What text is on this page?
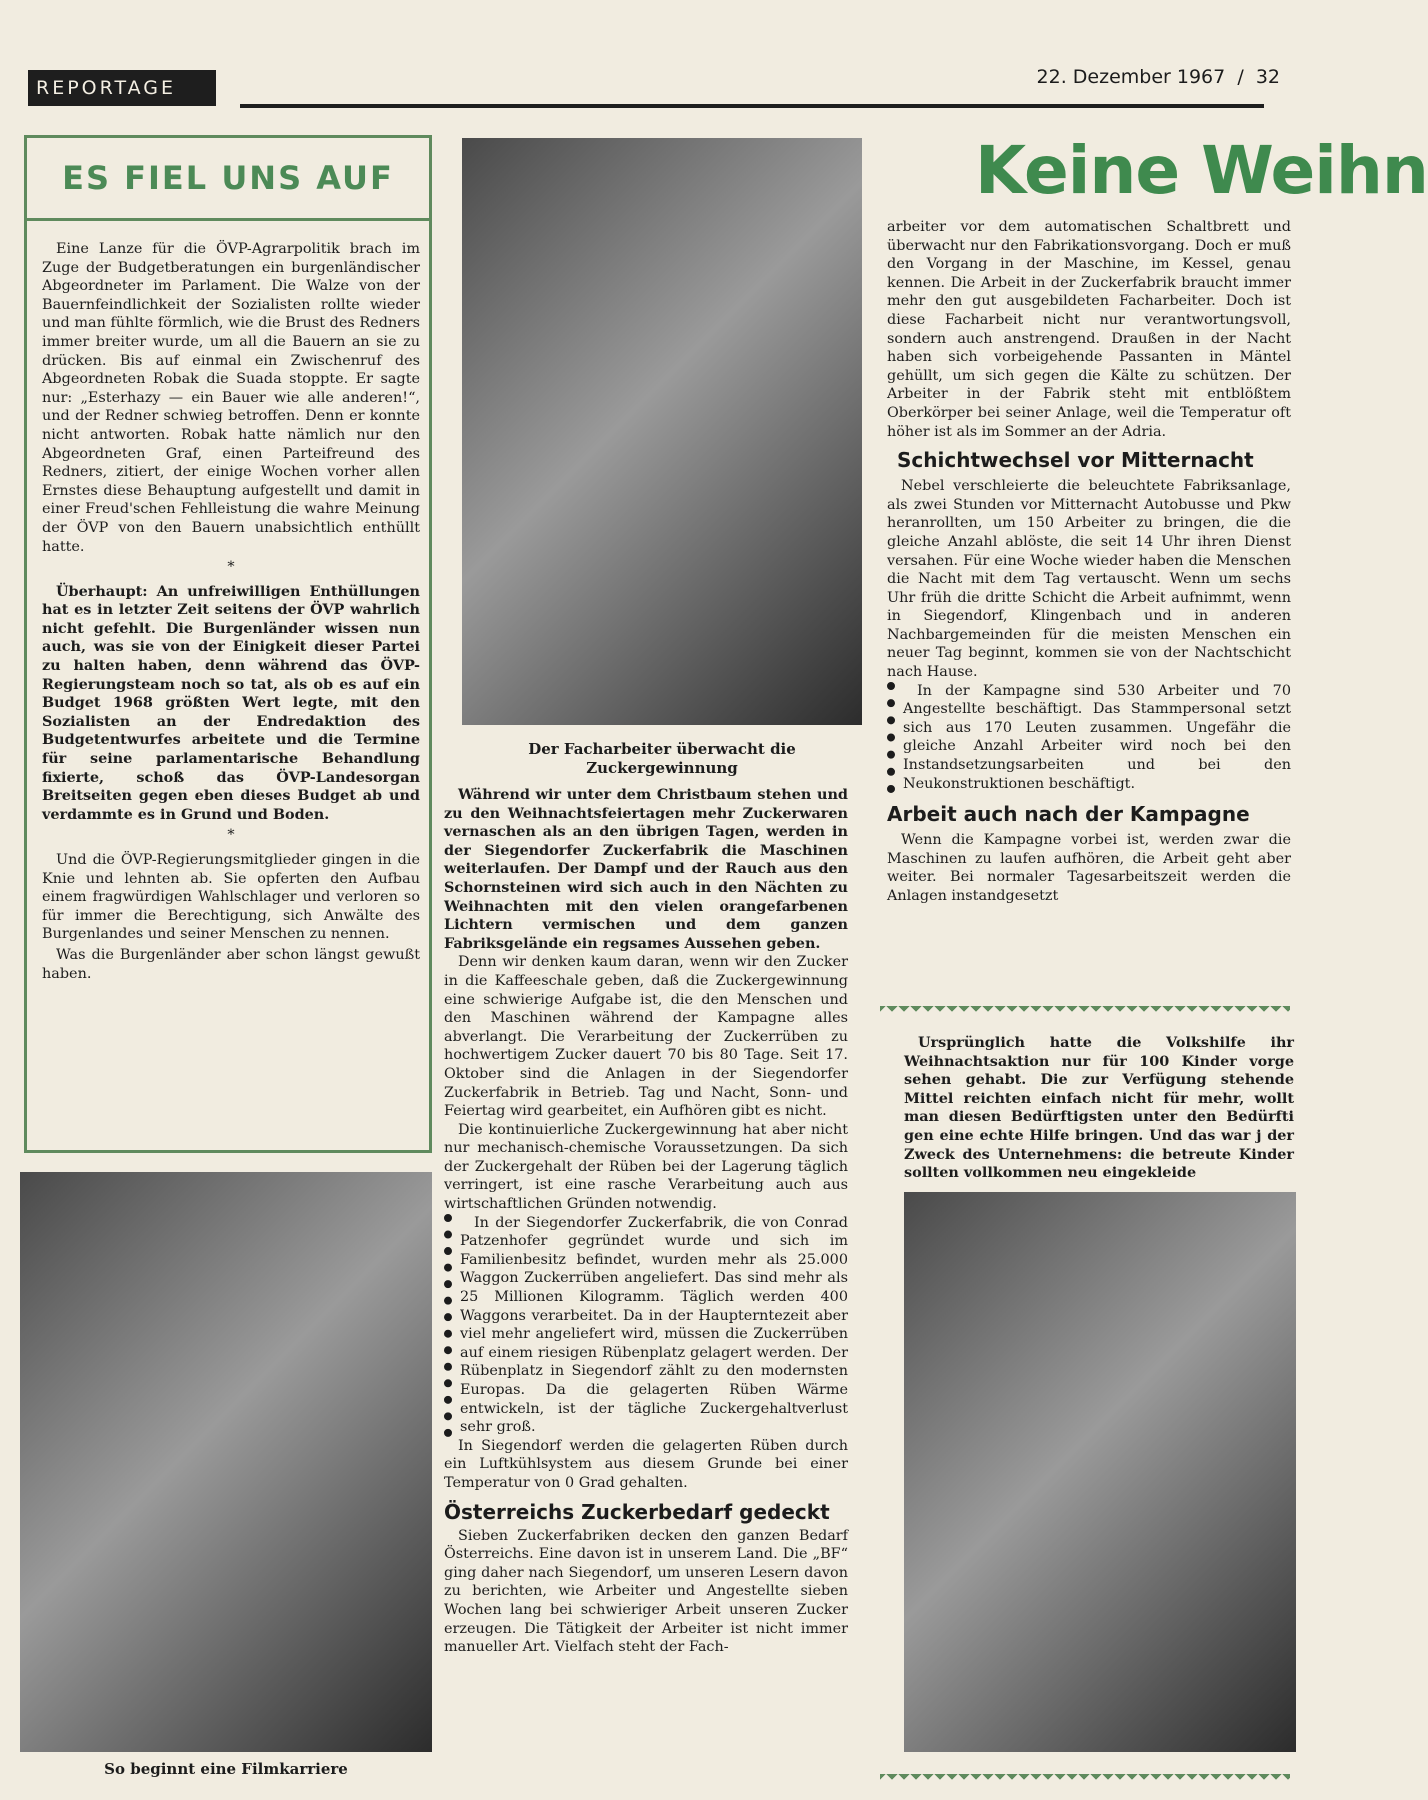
REPORTAGE	22. Dezember 1967 / 32
ES FIEL UNS AUF

Eine Lanze für die ÖVP-Agrarpolitik brach im Zuge der Budgetberatungen ein burgenländischer Abgeordneter im Parlament. Die Walze von der Bauernfeindlichkeit der Sozialisten rollte wieder und man fühlte förmlich, wie die Brust des Redners immer breiter wurde, um all die Bauern an sie zu drücken. Bis auf einmal ein Zwischenruf des Abgeordneten Robak die Suada stoppte. Er sagte nur: „Esterhazy — ein Bauer wie alle anderen!“, und der Redner schwieg betroffen. Denn er konnte nicht antworten. Robak hatte nämlich nur den Abgeordneten Graf, einen Parteifreund des Redners, zitiert, der einige Wochen vorher allen Ernstes diese Behauptung aufgestellt und damit in einer Freud'schen Fehlleistung die wahre Meinung der ÖVP von den Bauern unabsichtlich enthüllt hatte.

*

Überhaupt: An unfreiwilligen Enthüllungen hat es in letzter Zeit seitens der ÖVP wahrlich nicht gefehlt. Die Burgenländer wissen nun auch, was sie von der Einigkeit dieser Partei zu halten haben, denn während das ÖVP-Regierungsteam noch so tat, als ob es auf ein Budget 1968 größten Wert legte, mit den Sozialisten an der Endredaktion des Budgetentwurfes arbeitete und die Termine für seine parlamentarische Behandlung fixierte, schoß das ÖVP-Landesorgan Breitseiten gegen eben dieses Budget ab und verdammte es in Grund und Boden.

*

Und die ÖVP-Regierungsmitglieder gingen in die Knie und lehnten ab. Sie opferten den Aufbau einem fragwürdigen Wahlschlager und verloren so für immer die Berechtigung, sich Anwälte des Burgenlandes und seiner Menschen zu nennen.

Was die Burgenländer aber schon längst gewußt haben.

So beginnt eine Filmkarriere
Der Facharbeiter überwacht die Zuckergewinnung

Während wir unter dem Christbaum stehen und zu den Weihnachtsfeiertagen mehr Zuckerwaren vernaschen als an den übrigen Tagen, werden in der Siegendorfer Zuckerfabrik die Maschinen weiterlaufen. Der Dampf und der Rauch aus den Schornsteinen wird sich auch in den Nächten zu Weihnachten mit den vielen orangefarbenen Lichtern vermischen und dem ganzen Fabriksgelände ein regsames Aussehen geben.

Denn wir denken kaum daran, wenn wir den Zucker in die Kaffeeschale geben, daß die Zuckergewinnung eine schwierige Aufgabe ist, die den Menschen und den Maschinen während der Kampagne alles abverlangt. Die Verarbeitung der Zuckerrüben zu hochwertigem Zucker dauert 70 bis 80 Tage. Seit 17. Oktober sind die Anlagen in der Siegendorfer Zuckerfabrik in Betrieb. Tag und Nacht, Sonn- und Feiertag wird gearbeitet, ein Aufhören gibt es nicht.

Die kontinuierliche Zuckergewinnung hat aber nicht nur mechanisch-chemische Voraussetzungen. Da sich der Zuckergehalt der Rüben bei der Lagerung täglich verringert, ist eine rasche Verarbeitung auch aus wirtschaftlichen Gründen notwendig.

In der Siegendorfer Zuckerfabrik, die von Conrad Patzenhofer gegründet wurde und sich im Familienbesitz befindet, wurden mehr als 25.000 Waggon Zuckerrüben angeliefert. Das sind mehr als 25 Millionen Kilogramm. Täglich werden 400 Waggons verarbeitet. Da in der Haupterntezeit aber viel mehr angeliefert wird, müssen die Zuckerrüben auf einem riesigen Rübenplatz gelagert werden. Der Rübenplatz in Siegendorf zählt zu den modernsten Europas. Da die gelagerten Rüben Wärme entwickeln, ist der tägliche Zuckergehaltverlust sehr groß.

In Siegendorf werden die gelagerten Rüben durch ein Luftkühlsystem aus diesem Grunde bei einer Temperatur von 0 Grad gehalten.

Österreichs Zuckerbedarf gedeckt

Sieben Zuckerfabriken decken den ganzen Bedarf Österreichs. Eine davon ist in unserem Land. Die „BF“ ging daher nach Siegendorf, um unseren Lesern davon zu berichten, wie Arbeiter und Angestellte sieben Wochen lang bei schwieriger Arbeit unseren Zucker erzeugen. Die Tätigkeit der Arbeiter ist nicht immer manueller Art. Vielfach steht der Fach-

Keine Weihn

arbeiter vor dem automatischen Schaltbrett und überwacht nur den Fabrikationsvorgang. Doch er muß den Vorgang in der Maschine, im Kessel, genau kennen. Die Arbeit in der Zuckerfabrik braucht immer mehr den gut ausgebildeten Facharbeiter. Doch ist diese Facharbeit nicht nur verantwortungsvoll, sondern auch anstrengend. Draußen in der Nacht haben sich vorbeigehende Passanten in Mäntel gehüllt, um sich gegen die Kälte zu schützen. Der Arbeiter in der Fabrik steht mit entblößtem Oberkörper bei seiner Anlage, weil die Temperatur oft höher ist als im Sommer an der Adria.

Schichtwechsel vor Mitternacht

Nebel verschleierte die beleuchtete Fabriksanlage, als zwei Stunden vor Mitternacht Autobusse und Pkw heranrollten, um 150 Arbeiter zu bringen, die die gleiche Anzahl ablöste, die seit 14 Uhr ihren Dienst versahen. Für eine Woche wieder haben die Menschen die Nacht mit dem Tag vertauscht. Wenn um sechs Uhr früh die dritte Schicht die Arbeit aufnimmt, wenn in Siegendorf, Klingenbach und in anderen Nachbargemeinden für die meisten Menschen ein neuer Tag beginnt, kommen sie von der Nachtschicht nach Hause.

In der Kampagne sind 530 Arbeiter und 70 Angestellte beschäftigt. Das Stammpersonal setzt sich aus 170 Leuten zusammen. Ungefähr die gleiche Anzahl Arbeiter wird noch bei den Instandsetzungsarbeiten und bei den Neukonstruktionen beschäftigt.

Arbeit auch nach der Kampagne

Wenn die Kampagne vorbei ist, werden zwar die Maschinen zu laufen aufhören, die Arbeit geht aber weiter. Bei normaler Tagesarbeitszeit werden die Anlagen instandgesetzt

Ursprünglich hatte die Volkshilfe ihr Weihnachtsaktion nur für 100 Kinder vorge sehen gehabt. Die zur Verfügung stehende Mittel reichten einfach nicht für mehr, wollt man diesen Bedürftigsten unter den Bedürfti gen eine echte Hilfe bringen. Und das war j der Zweck des Unternehmens: die betreute Kinder sollten vollkommen neu eingekleide
